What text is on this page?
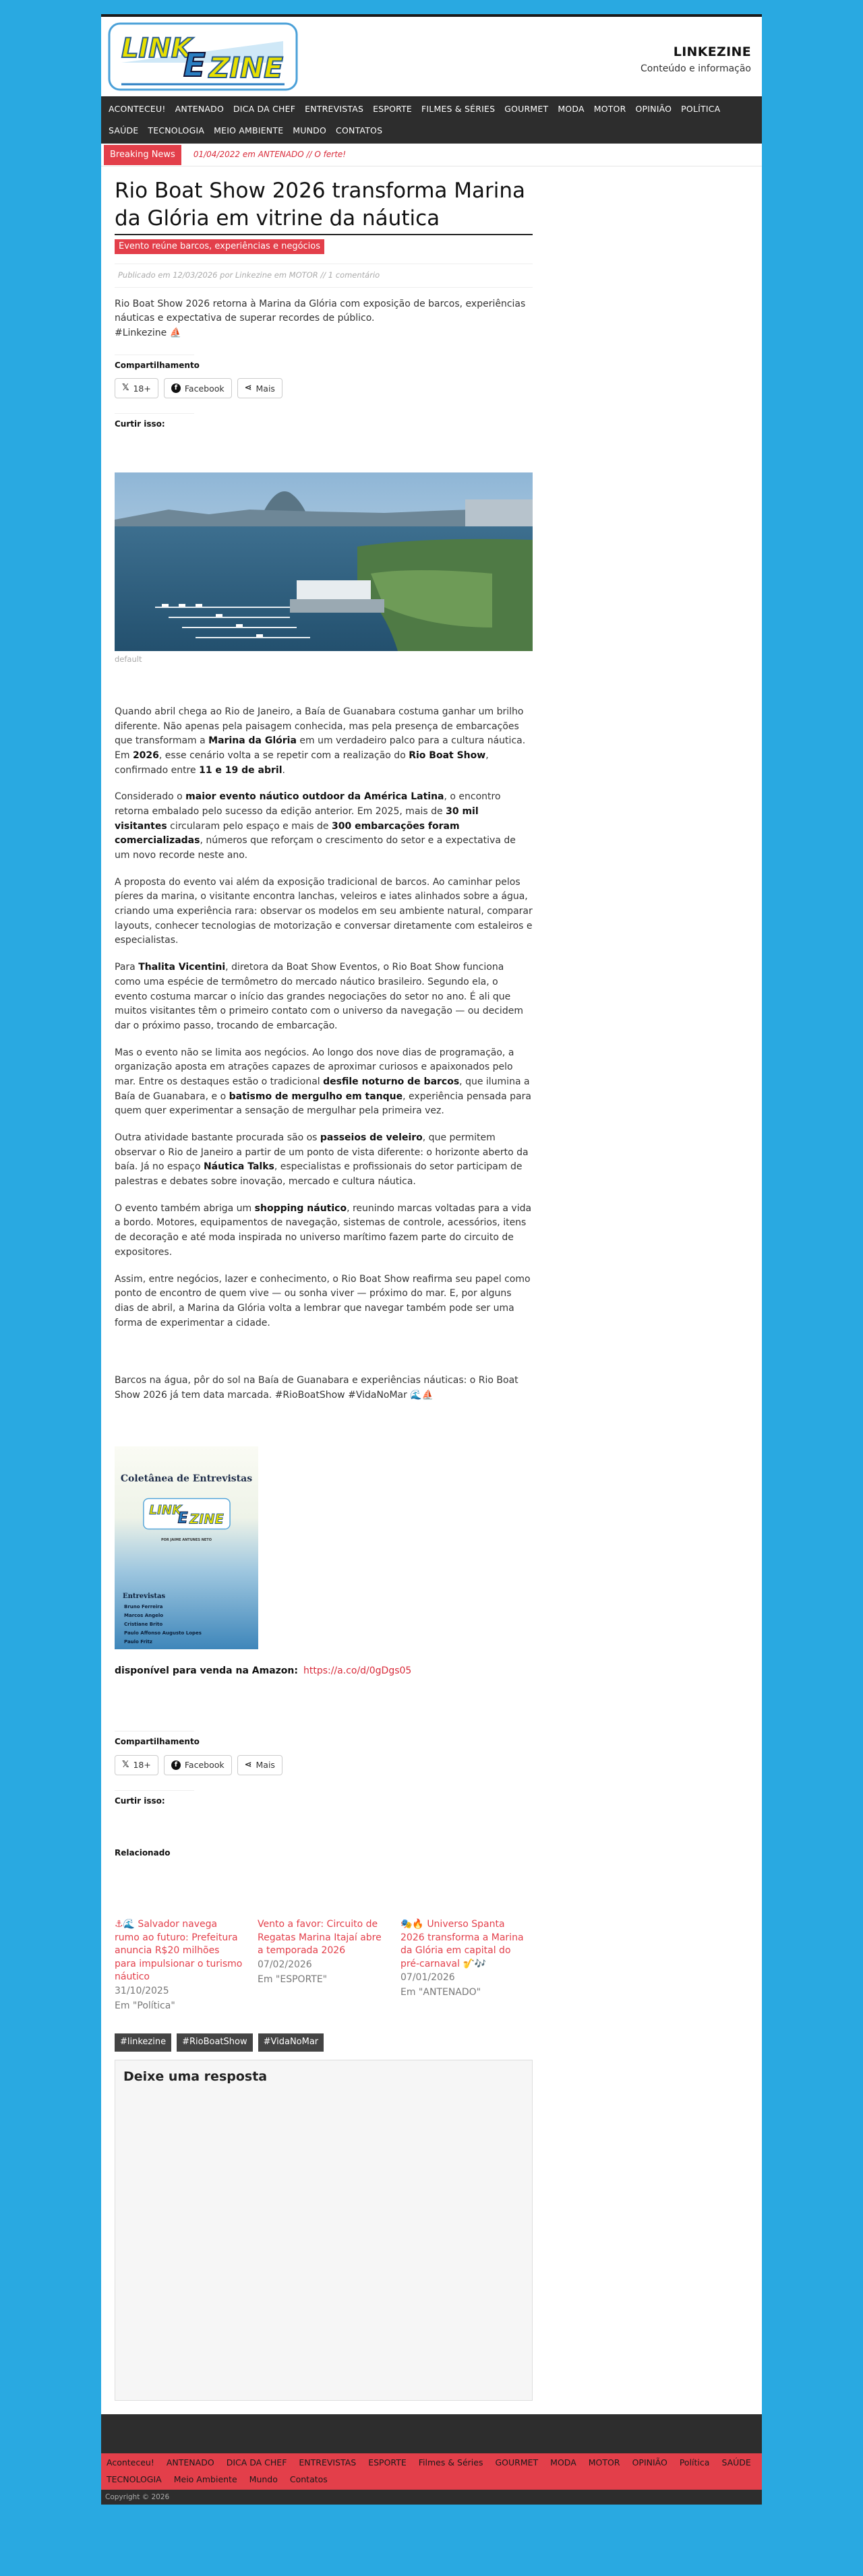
LINK
E ZINE	LINKEZINE
Conteúdo e informação
ACONTECEU!	ANTENADO	DICA DA CHEF	ENTREVISTAS	ESPORTE	FILMES & SÉRIES	GOURMET	MODA	MOTOR	OPINIÃO	POLÍTICA
SAÚDE	TECNOLOGIA	MEIO AMBIENTE	MUNDO	CONTATOS
Breaking News	01/04/2022 em ANTENADO // O ferte!
Rio Boat Show 2026 transforma Marina da Glória em vitrine da náutica
Evento reúne barcos, experiências e negócios
Publicado em 12/03/2026 por Linkezine em MOTOR // 1 comentário

Rio Boat Show 2026 retorna à Marina da Glória com exposição de barcos, experiências náuticas e expectativa de superar recordes de público.
#Linkezine ⛵

Compartilhamento
𝕏 18+	f Facebook ⋖ Mais
Curtir isso:
default

Quando abril chega ao Rio de Janeiro, a Baía de Guanabara costuma ganhar um brilho diferente. Não apenas pela paisagem conhecida, mas pela presença de embarcações que transformam a Marina da Glória em um verdadeiro palco para a cultura náutica. Em 2026, esse cenário volta a se repetir com a realização do Rio Boat Show, confirmado entre 11 e 19 de abril.

Considerado o maior evento náutico outdoor da América Latina, o encontro retorna embalado pelo sucesso da edição anterior. Em 2025, mais de 30 mil visitantes circularam pelo espaço e mais de 300 embarcações foram comercializadas, números que reforçam o crescimento do setor e a expectativa de um novo recorde neste ano.

A proposta do evento vai além da exposição tradicional de barcos. Ao caminhar pelos píeres da marina, o visitante encontra lanchas, veleiros e iates alinhados sobre a água, criando uma experiência rara: observar os modelos em seu ambiente natural, comparar layouts, conhecer tecnologias de motorização e conversar diretamente com estaleiros e especialistas.

Para Thalita Vicentini, diretora da Boat Show Eventos, o Rio Boat Show funciona como uma espécie de termômetro do mercado náutico brasileiro. Segundo ela, o evento costuma marcar o início das grandes negociações do setor no ano. É ali que muitos visitantes têm o primeiro contato com o universo da navegação — ou decidem dar o próximo passo, trocando de embarcação.

Mas o evento não se limita aos negócios. Ao longo dos nove dias de programação, a organização aposta em atrações capazes de aproximar curiosos e apaixonados pelo mar. Entre os destaques estão o tradicional desfile noturno de barcos, que ilumina a Baía de Guanabara, e o batismo de mergulho em tanque, experiência pensada para quem quer experimentar a sensação de mergulhar pela primeira vez.

Outra atividade bastante procurada são os passeios de veleiro, que permitem observar o Rio de Janeiro a partir de um ponto de vista diferente: o horizonte aberto da baía. Já no espaço Náutica Talks, especialistas e profissionais do setor participam de palestras e debates sobre inovação, mercado e cultura náutica.

O evento também abriga um shopping náutico, reunindo marcas voltadas para a vida a bordo. Motores, equipamentos de navegação, sistemas de controle, acessórios, itens de decoração e até moda inspirada no universo marítimo fazem parte do circuito de expositores.

Assim, entre negócios, lazer e conhecimento, o Rio Boat Show reafirma seu papel como ponto de encontro de quem vive — ou sonha viver — próximo do mar. E, por alguns dias de abril, a Marina da Glória volta a lembrar que navegar também pode ser uma forma de experimentar a cidade.

Barcos na água, pôr do sol na Baía de Guanabara e experiências náuticas: o Rio Boat Show 2026 já tem data marcada. #RioBoatShow #VidaNoMar 🌊⛵

Coletânea de Entrevistas
LINK
E ZINE
POR JAIME ANTUNES NETO
Entrevistas
Bruno Ferreira
Marcos Angelo
Cristiane Brito
Paulo Affonso Augusto Lopes
Paulo Fritz
disponível para venda na Amazon: https://a.co/d/0gDgs05
Compartilhamento
𝕏 18+	f Facebook ⋖ Mais
Curtir isso:
Relacionado
⚓🌊 Salvador navega rumo ao futuro: Prefeitura anuncia R$20 milhões para impulsionar o turismo náutico
31/10/2025
Em "Política"
Vento a favor: Circuito de Regatas Marina Itajaí abre a temporada 2026
07/02/2026
Em "ESPORTE"
🎭🔥 Universo Spanta 2026 transforma a Marina da Glória em capital do pré-carnaval 🎷🎶
07/01/2026
Em "ANTENADO"
#linkezine	#RioBoatShow	#VidaNoMar
Deixe uma resposta
Aconteceu! ANTENADO DICA DA CHEF ENTREVISTAS ESPORTE Filmes & Séries GOURMET MODA MOTOR OPINIÃO Política SAÚDE
TECNOLOGIA Meio Ambiente Mundo Contatos
Copyright © 2026
